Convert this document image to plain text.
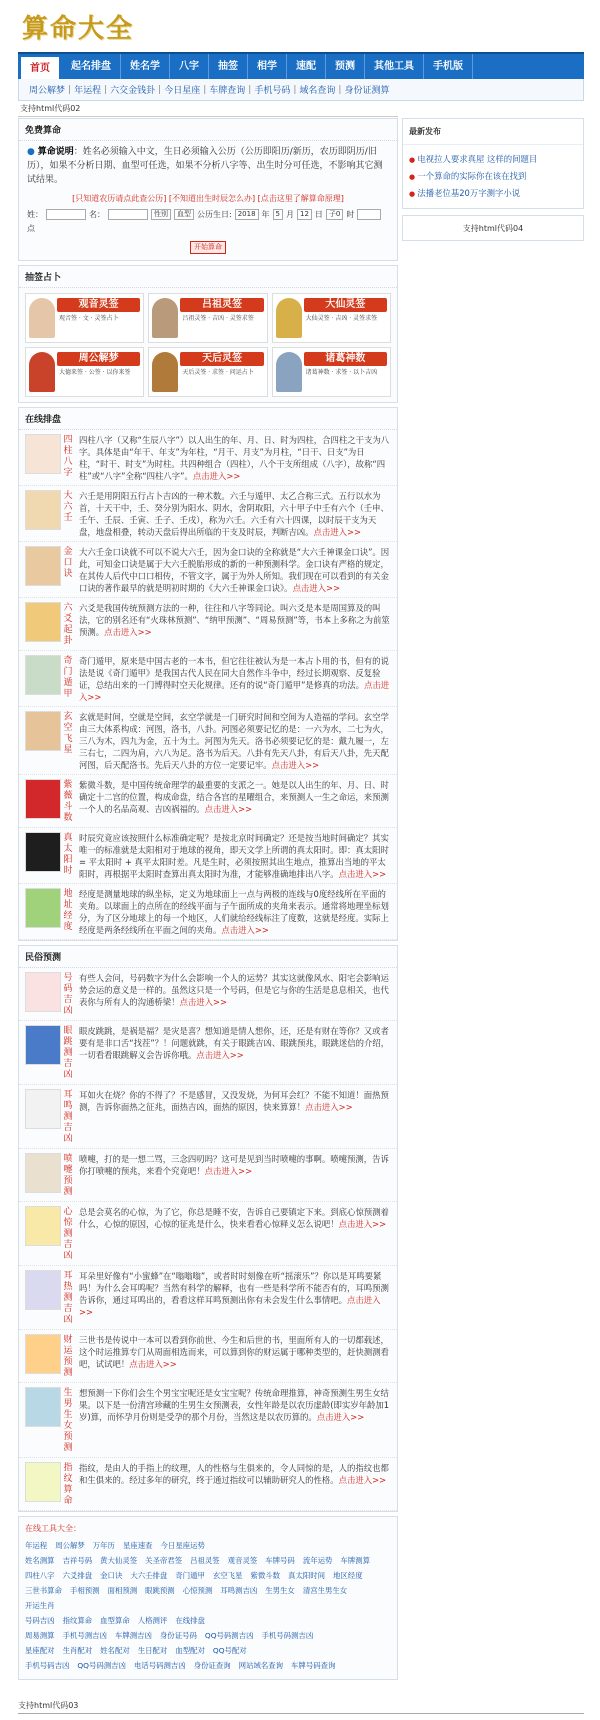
算命大全
首页	起名排盘	姓名学	八字	抽签	相学	速配	预测	其他工具	手机版
周公解梦 | 年运程 | 六交金钱卦 | 今日星座 | 车牌查询 | 手机号码 | 域名查询 | 身份证测算
支持html代码02
免费算命
● 算命说明：姓名必须输入中文，生日必须输入公历（公历即阳历/新历，农历即阴历/旧历），如果不分析日期、血型可任选，如果不分析八字等、出生时分可任选，不影响其它测试结果。
[只知道农历请点此查公历] [不知道出生时辰怎么办] [点击这里了解算命原理]
姓：	名：	性别	血型 公历生日: 2018 年 5 月 12 日 子0 时
点
开始算命
抽签占卜
观音灵签
观音签 · 文 · 灵签占卜
吕祖灵签
吕祖灵签 · 吉凶 · 灵签求签
大仙灵签
大仙灵签 · 吉凶 · 灵签求签
周公解梦
大德来签 · 公签 · 以你来签
天后灵签
天后灵签 · 求签 · 问运占卜
诸葛神数
诸葛神数 · 求签 · 以卜吉凶
在线排盘
四柱八字
四柱八字（又称“生辰八字”）以人出生的年、月、日、时为四柱，合四柱之干支为八字。具体是由“年干、年支”为年柱，“月干、月支”为月柱，“日干、日支”为日柱，“时干、时支”为时柱。共四种组合（四柱），八个干支所组成（八字），故称“四柱”或“八字”全称“四柱八字”。点击进入>>
大六壬
六壬是用阴阳五行占卜吉凶的一种术数。六壬与遁甲、太乙合称三式。五行以水为首，十天干中，壬、癸分别为阳水、阴水，舍阴取阳，六十甲子中壬有六个（壬申、壬午、壬辰、壬寅、壬子、壬戌），称为六壬。六壬有六十四课，以时辰干支为天盘，地盘相叠，转动天盘后得出所临的干支及时辰，判断吉凶。点击进入>>
金口诀
大六壬金口诀就不可以不说大六壬，因为金口诀的全称就是“大六壬神课金口诀”。因此，可知金口诀是属于大六壬脱胎形成的新的一种预测科学。金口诀有严格的规定，在其传人后代中口口相传，不管文字，属于为外人所知。我们现在可以看到的有关金口诀的著作最早的就是明初时期的《大六壬神课金口诀》。点击进入>>
六爻起卦
六爻是我国传统预测方法的一种，往往和八字等同论。叫六爻是本是周国算及的叫法，它的别名还有“火珠林预测”、“纳甲预测”、“周易预测”等，书本上多称之为前筮预测。点击进入>>
奇门遁甲
奇门遁甲，原来是中国古老的一本书，但它往往被认为是一本占卜用的书，但有的说法是说《奇门遁甲》是我国古代人民在同大自然作斗争中，经过长期观察、反复验证，总结出来的一门博得时空天化规律。还有的说“奇门遁甲”是修真的功法。点击进入>>
玄空飞星
玄就是时间，空就是空间，玄空学就是一门研究时间和空间为人造福的学问。玄空学由三大体系构成：河图，洛书，八卦。河图必须要记忆的是：一六为水，二七为火，三八为木，四九为金，五十为土。河图为先天。洛书必须要记忆的是：戴九履一，左三右七，二四为肩，六八为足。洛书为后天。八卦有先天八卦，有后天八卦，先天配河图，后天配洛书。先后天八卦的方位一定要记牢。点击进入>>
紫薇斗数
紫微斗数，是中国传统命理学的最重要的支派之一。她是以人出生的年、月、日、时确定十二宫的位置，构成命盘，结合各宫的星曜组合，来预测人一生之命运，来预测一个人的名品高观、吉凶祸福的。点击进入>>
真太阳时
时辰究竟应该按照什么标准确定呢？是按北京时间确定？还是按当地时间确定？其实唯一的标准就是太阳相对于地球的视角，即天文学上所谓的真太阳时。即：真太阳时 = 平太阳时 + 真平太阳时差。凡是生时，必须按照其出生地点，推算出当地的平太阳时，再根据平太阳时查算出真太阳时为准，才能够准确地排出八字。点击进入>>
地址经度
经度是测量地球的纵坐标，定义为地球面上一点与两极的连线与0度经线所在平面的夹角。以球面上的点所在的经线平面与子午面所成的夹角来表示。通常将地理坐标划分，为了区分地球上的每一个地区，人们就给经线标注了度数，这就是经度。实际上经度是两条经线所在平面之间的夹角。点击进入>>
民俗预测
号码吉凶
有些人会问，号码数字为什么会影响一个人的运势？其实这就像风水、阳宅会影响运势会运的意义是一样的。虽然这只是一个号码，但是它与你的生活是息息相关，也代表你与所有人的沟通桥梁！点击进入>>
眼跳测吉凶
眼皮跳跳，是祸是福？是灾是喜？想知道是情人想你，还，还是有财在等你？又或者要有是非口舌“找茬”？！问题就跳，有关于眼跳吉凶、眼跳预兆，眼跳迷信的介绍，一切看看眼跳解义会告诉你哦。点击进入>>
耳鸣测吉凶
耳如火在烧？你的不得了？不是感冒，又没发烧，为何耳会红？不能不知道！面热预测，告诉你面热之征兆，面热吉凶，面热的原因，快来算算！点击进入>>
喷嚏预测
喷嚏，打的是一想二骂，三念四叨吗？这可是见到当时喷嚏的事啊。喷嚏预测，告诉你打喷嚏的预兆，来看个究竟吧！点击进入>>
心惊测吉凶
总是会莫名的心惊，为了它，你总是睡不安，告诉自己要镇定下来。到底心惊预测着什么，心惊的原因，心惊的征兆是什么，快来看看心惊释义怎么说吧！点击进入>>
耳热测吉凶
耳朵里好像有“小蜜蜂”在“嗡嗡嗡”，或者时时刻像在听“摇滚乐”？你以是耳鸣要紧吗！为什么会耳鸣呢？当然有科学的解释，也有一些是科学所不能否有的，耳鸣预测告诉你，通过耳鸣出的，看看这样耳鸣预测出你有未会发生什么事情吧。点击进入>>
财运预测
三世书是传说中一本可以看到你前世、今生和后世的书，里面所有人的一切都载述，这个时运推算专门从周面相选而来，可以算到你的财运属于哪种类型的，赶快测测看吧，试试吧！点击进入>>
生男生女预测
想预测一下你们会生个男宝宝呢还是女宝宝呢？传统命理推算，神奇预测生男生女结果。以下是一份清宫珍藏的生男生女预测表，女性年龄是以农历虚龄(即实岁年龄加1岁)算，而怀孕月份则是受孕的那个月份，当然这是以农历算的。点击进入>>
指纹算命
指纹，是由人的手指上的纹理，人的性格与生俱来的，令人同惊的是，人的指纹也都和生俱来的。经过多年的研究，终于通过指纹可以辅助研究人的性格。点击进入>>
在线工具大全：
年运程 周公解梦 万年历 星座速查 今日星座运势
姓名测算 吉祥号码 黄大仙灵签 关圣帝君签 吕祖灵签 观音灵签 车牌号码 流年运势 车牌测算
四柱八字 六爻排盘 金口诀 大六壬排盘 奇门遁甲 玄空飞星 紫微斗数 真太阳时间 地区经度
三世书算命 手相预测 面相预测 眼跳预测 心惊预测 耳鸣测吉凶 生男生女 清宫生男生女开运生肖
号码吉凶 指纹算命 血型算命 人格测评 在线排盘
周易测算 手机号测吉凶 车牌测吉凶 身份证号码 QQ号码测吉凶 手机号码测吉凶
星座配对 生肖配对 姓名配对 生日配对 血型配对 QQ号配对
手机号码吉凶 QQ号码测吉凶 电话号码测吉凶 身份证查询 网站域名查询 车牌号码查询
最新发布
● 电视拉人要求真屋 这样的间题目
● 一个算命的实际你在该在找到
● 法播老位基20万字测字小说
支持html代码04
支持html代码03
